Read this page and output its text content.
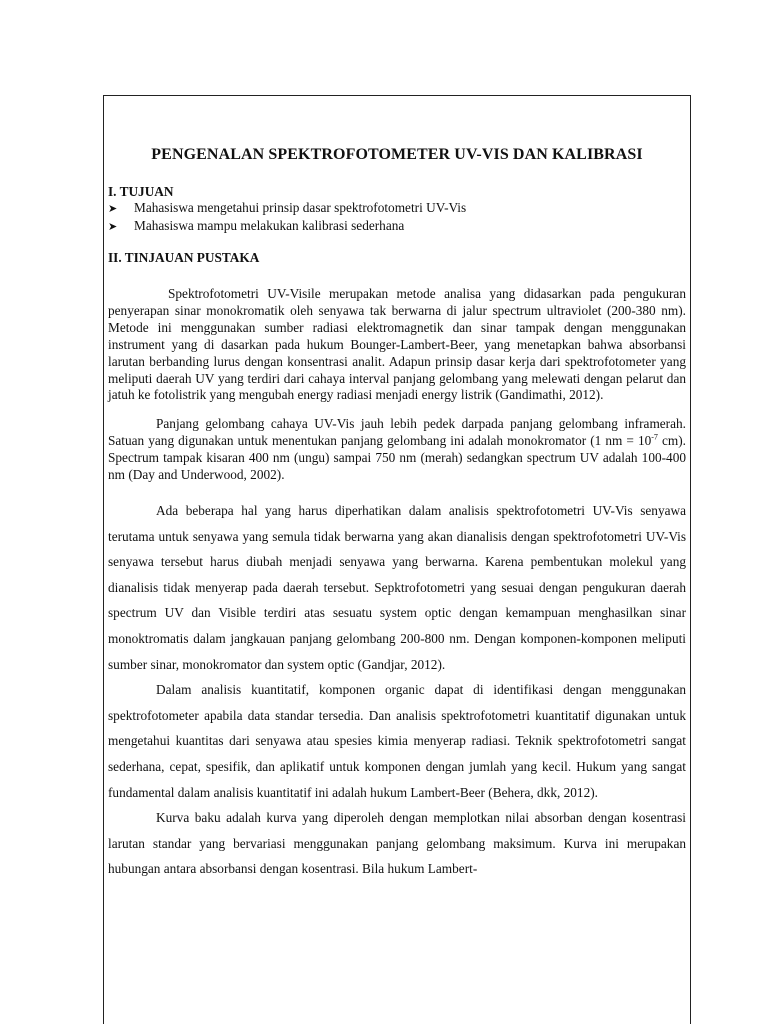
PENGENALAN SPEKTROFOTOMETER UV-VIS DAN KALIBRASI
I. TUJUAN
➤	Mahasiswa mengetahui prinsip dasar spektrofotometri UV-Vis
➤	Mahasiswa mampu melakukan kalibrasi sederhana
II. TINJAUAN PUSTAKA

Spektrofotometri UV-Visile merupakan metode analisa yang didasarkan pada pengukuran penyerapan sinar monokromatik oleh senyawa tak berwarna di jalur spectrum ultraviolet (200-380 nm). Metode ini menggunakan sumber radiasi elektromagnetik dan sinar tampak dengan menggunakan instrument yang di dasarkan pada hukum Bounger-Lambert-Beer, yang menetapkan bahwa absorbansi larutan berbanding lurus dengan konsentrasi analit. Adapun prinsip dasar kerja dari spektrofotometer yang meliputi daerah UV yang terdiri dari cahaya interval panjang gelombang yang melewati dengan pelarut dan jatuh ke fotolistrik yang mengubah energy radiasi menjadi energy listrik (Gandimathi, 2012).

Panjang gelombang cahaya UV-Vis jauh lebih pedek darpada panjang gelombang inframerah. Satuan yang digunakan untuk menentukan panjang gelombang ini adalah monokromator (1 nm = $10^{-7}$ cm). Spectrum tampak kisaran 400 nm (ungu) sampai 750 nm (merah) sedangkan spectrum UV adalah 100-400 nm (Day and Underwood, 2002).

Ada beberapa hal yang harus diperhatikan dalam analisis spektrofotometri UV-Vis senyawa terutama untuk senyawa yang semula tidak berwarna yang akan dianalisis dengan spektrofotometri UV-Vis senyawa tersebut harus diubah menjadi senyawa yang berwarna. Karena pembentukan molekul yang dianalisis tidak menyerap pada daerah tersebut. Sepktrofotometri yang sesuai dengan pengukuran daerah spectrum UV dan Visible terdiri atas sesuatu system optic dengan kemampuan menghasilkan sinar monoktromatis dalam jangkauan panjang gelombang 200-800 nm. Dengan komponen-komponen meliputi sumber sinar, monokromator dan system optic (Gandjar, 2012).

Dalam analisis kuantitatif, komponen organic dapat di identifikasi dengan menggunakan spektrofotometer apabila data standar tersedia. Dan analisis spektrofotometri kuantitatif digunakan untuk mengetahui kuantitas dari senyawa atau spesies kimia menyerap radiasi. Teknik spektrofotometri sangat sederhana, cepat, spesifik, dan aplikatif untuk komponen dengan jumlah yang kecil. Hukum yang sangat fundamental dalam analisis kuantitatif ini adalah hukum Lambert-Beer (Behera, dkk, 2012).

Kurva baku adalah kurva yang diperoleh dengan memplotkan nilai absorban dengan kosentrasi larutan standar yang bervariasi menggunakan panjang gelombang maksimum. Kurva ini merupakan hubungan antara absorbansi dengan kosentrasi. Bila hukum Lambert-
